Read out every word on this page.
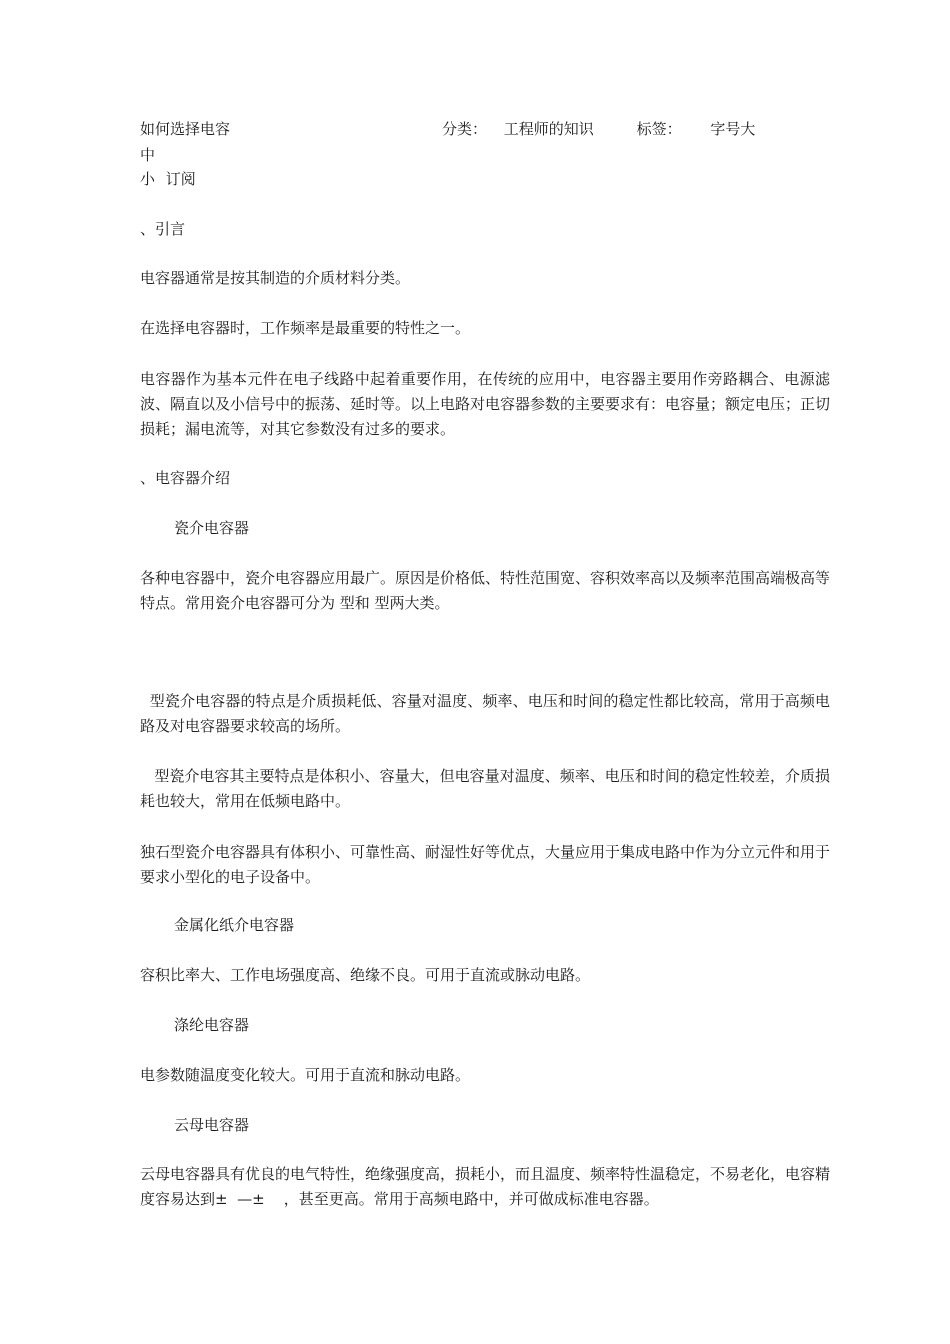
如何选择电容	分类： 工程师的知识	标签： 字号大
中
小 订阅
、引言
电容器通常是按其制造的介质材料分类。
在选择电容器时，工作频率是最重要的特性之一。
电容器作为基本元件在电子线路中起着重要作用，在传统的应用中，电容器主要用作旁路耦合、电源滤波、隔直以及小信号中的振荡、延时等。以上电路对电容器参数的主要要求有：电容量；额定电压；正切损耗；漏电流等，对其它参数没有过多的要求。
、电容器介绍
瓷介电容器
各种电容器中，瓷介电容器应用最广。原因是价格低、特性范围宽、容积效率高以及频率范围高端极高等特点。常用瓷介电容器可分为 型和 型两大类。
型瓷介电容器的特点是介质损耗低、容量对温度、频率、电压和时间的稳定性都比较高，常用于高频电路及对电容器要求较高的场所。
型瓷介电容其主要特点是体积小、容量大，但电容量对温度、频率、电压和时间的稳定性较差，介质损耗也较大，常用在低频电路中。
独石型瓷介电容器具有体积小、可靠性高、耐湿性好等优点，大量应用于集成电路中作为分立元件和用于要求小型化的电子设备中。
金属化纸介电容器
容积比率大、工作电场强度高、绝缘不良。可用于直流或脉动电路。
涤纶电容器
电参数随温度变化较大。可用于直流和脉动电路。
云母电容器
云母电容器具有优良的电气特性，绝缘强度高，损耗小，而且温度、频率特性温稳定，不易老化，电容精度容易达到±  —±    ，甚至更高。常用于高频电路中，并可做成标准电容器。
